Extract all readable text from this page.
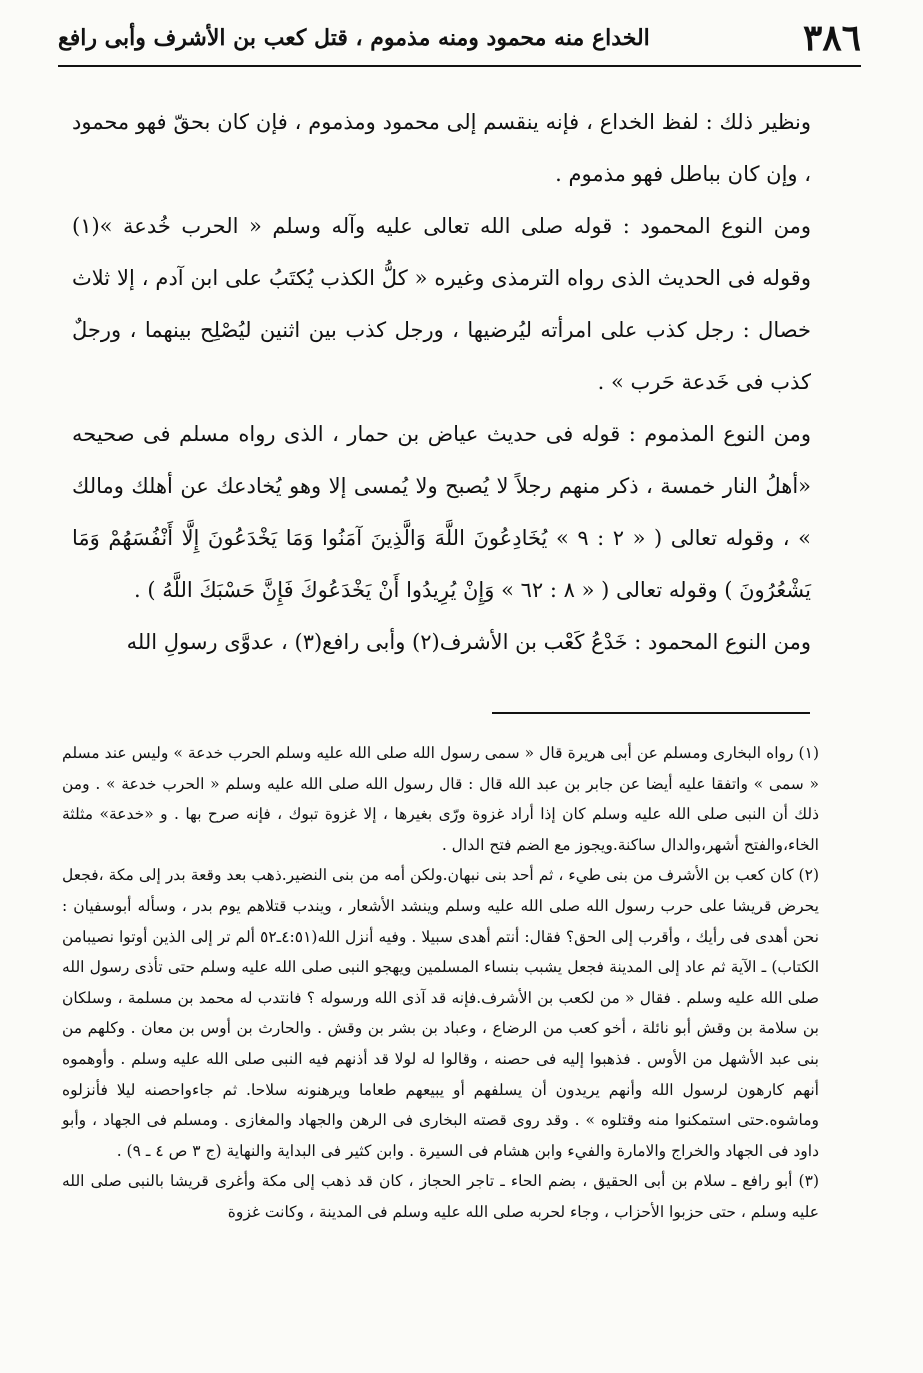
٣٨٦
الخداع منه محمود ومنه مذموم ، قتل كعب بن الأشرف وأبى رافع

ونظير ذلك : لفظ الخداع ، فإنه ينقسم إلى محمود ومذموم ، فإن كان بحقّ فهو محمود ، وإن كان بباطل فهو مذموم .

ومن النوع المحمود : قوله صلى الله تعالى عليه وآله وسلم « الحرب خُدعة »(١) وقوله فى الحديث الذى رواه الترمذى وغيره « كلُّ الكذب يُكتَبُ على ابن آدم ، إلا ثلاث خصال : رجل كذب على امرأته ليُرضيها ، ورجل كذب بين اثنين ليُصْلِح بينهما ، ورجلٌ كذب فى خَدعة حَرب » .

ومن النوع المذموم : قوله فى حديث عياض بن حمار ، الذى رواه مسلم فى صحيحه «أهلُ النار خمسة ، ذكر منهم رجلاً لا يُصبح ولا يُمسى إلا وهو يُخادعك عن أهلك ومالك » ، وقوله تعالى ( « ٢ : ٩ » يُخَادِعُونَ اللَّهَ وَالَّذِينَ آمَنُوا وَمَا يَخْدَعُونَ إِلَّا أَنْفُسَهُمْ وَمَا يَشْعُرُونَ ) وقوله تعالى ( « ٨ : ٦٢ » وَإِنْ يُرِيدُوا أَنْ يَخْدَعُوكَ فَإِنَّ حَسْبَكَ اللَّهُ ) .

ومن النوع المحمود : خَدْعُ كَعْب بن الأشرف(٢) وأبى رافع(٣) ، عدوَّى رسولِ الله

(١) رواه البخارى ومسلم عن أبى هريرة قال « سمى رسول الله صلى الله عليه وسلم الحرب خدعة » وليس عند مسلم « سمى » واتفقا عليه أيضا عن جابر بن عبد الله قال : قال رسول الله صلى الله عليه وسلم « الحرب خدعة » . ومن ذلك أن النبى صلى الله عليه وسلم كان إذا أراد غزوة ورّى بغيرها ، إلا غزوة تبوك ، فإنه صرح بها . و «خدعة» مثلثة الخاء،والفتح أشهر،والدال ساكنة.ويجوز مع الضم فتح الدال .

(٢) كان كعب بن الأشرف من بنى طيء ، ثم أحد بنى نبهان.ولكن أمه من بنى النضير.ذهب بعد وقعة بدر إلى مكة ،فجعل يحرض قريشا على حرب رسول الله صلى الله عليه وسلم وينشد الأشعار ، ويندب قتلاهم يوم بدر ، وسأله أبوسفيان : نحن أهدى فى رأيك ، وأقرب إلى الحق؟ فقال: أنتم أهدى سبيلا . وفيه أنزل الله(٤:٥١ـ٥٢ ألم تر إلى الذين أوتوا نصيبامن الكتاب) ـ الآية ثم عاد إلى المدينة فجعل يشبب بنساء المسلمين ويهجو النبى صلى الله عليه وسلم حتى تأذى رسول الله صلى الله عليه وسلم . فقال « من لكعب بن الأشرف.فإنه قد آذى الله ورسوله ؟ فانتدب له محمد بن مسلمة ، وسلكان بن سلامة بن وقش أبو نائلة ، أخو كعب من الرضاع ، وعباد بن بشر بن وقش . والحارث بن أوس بن معان . وكلهم من بنى عبد الأشهل من الأوس . فذهبوا إليه فى حصنه ، وقالوا له لولا قد أذنهم فيه النبى صلى الله عليه وسلم . وأوهموه أنهم كارهون لرسول الله وأنهم يريدون أن يسلفهم أو يبيعهم طعاما ويرهنونه سلاحا. ثم جاءواحصنه ليلا فأنزلوه وماشوه.حتى استمكنوا منه وقتلوه » . وقد روى قصته البخارى فى الرهن والجهاد والمغازى . ومسلم فى الجهاد ، وأبو داود فى الجهاد والخراج والامارة والفيء وابن هشام فى السيرة . وابن كثير فى البداية والنهاية (ج ٣ ص ٤ ـ ٩) .

(٣) أبو رافع ـ سلام بن أبى الحقيق ، بضم الحاء ـ تاجر الحجاز ، كان قد ذهب إلى مكة وأغرى قريشا بالنبى صلى الله عليه وسلم ، حتى حزبوا الأحزاب ، وجاء لحربه صلى الله عليه وسلم فى المدينة ، وكانت غزوة
